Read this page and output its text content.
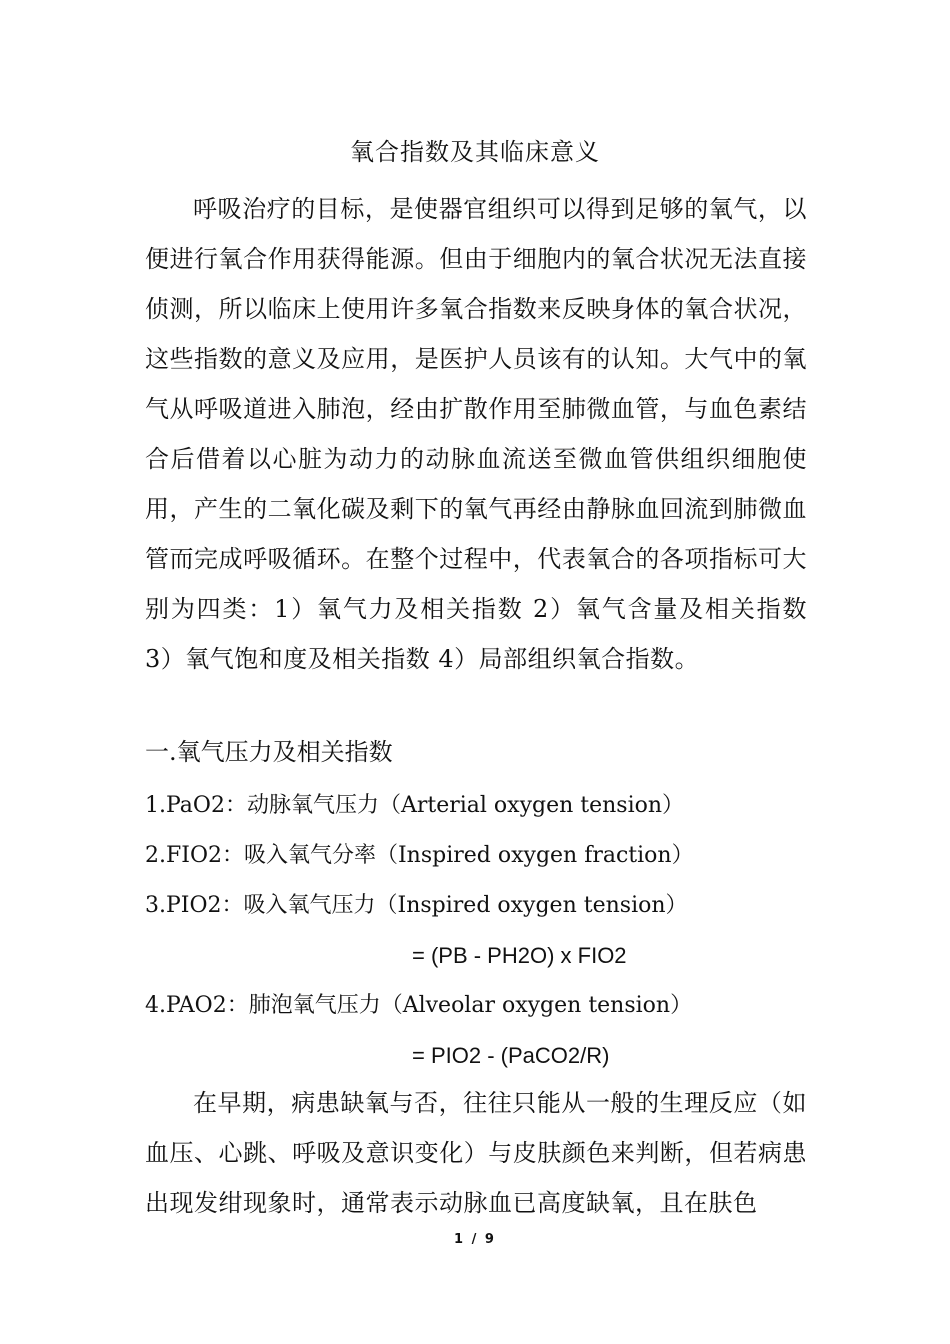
氧合指数及其临床意义

呼吸治疗的目标，是使器官组织可以得到足够的氧气，以便进行氧合作用获得能源。但由于细胞内的氧合状况无法直接侦测，所以临床上使用许多氧合指数来反映身体的氧合状况，这些指数的意义及应用，是医护人员该有的认知。大气中的氧气从呼吸道进入肺泡，经由扩散作用至肺微血管，与血色素结合后借着以心脏为动力的动脉血流送至微血管供组织细胞使用，产生的二氧化碳及剩下的氧气再经由静脉血回流到肺微血管而完成呼吸循环。在整个过程中，代表氧合的各项指标可大别为四类：1）氧气力及相关指数 2）氧气含量及相关指数 3）氧气饱和度及相关指数 4）局部组织氧合指数。

一.氧气压力及相关指数
1.PaO2：动脉氧气压力（Arterial oxygen tension）
2.FIO2：吸入氧气分率（Inspired oxygen fraction）
3.PIO2：吸入氧气压力（Inspired oxygen tension）
= (PB - PH2O) x FIO2
4.PAO2：肺泡氧气压力（Alveolar oxygen tension）
= PIO2 - (PaCO2/R)

在早期，病患缺氧与否，往往只能从一般的生理反应（如血压、心跳、呼吸及意识变化）与皮肤颜色来判断，但若病患出现发绀现象时，通常表示动脉血已高度缺氧，且在肤色

1 / 9
